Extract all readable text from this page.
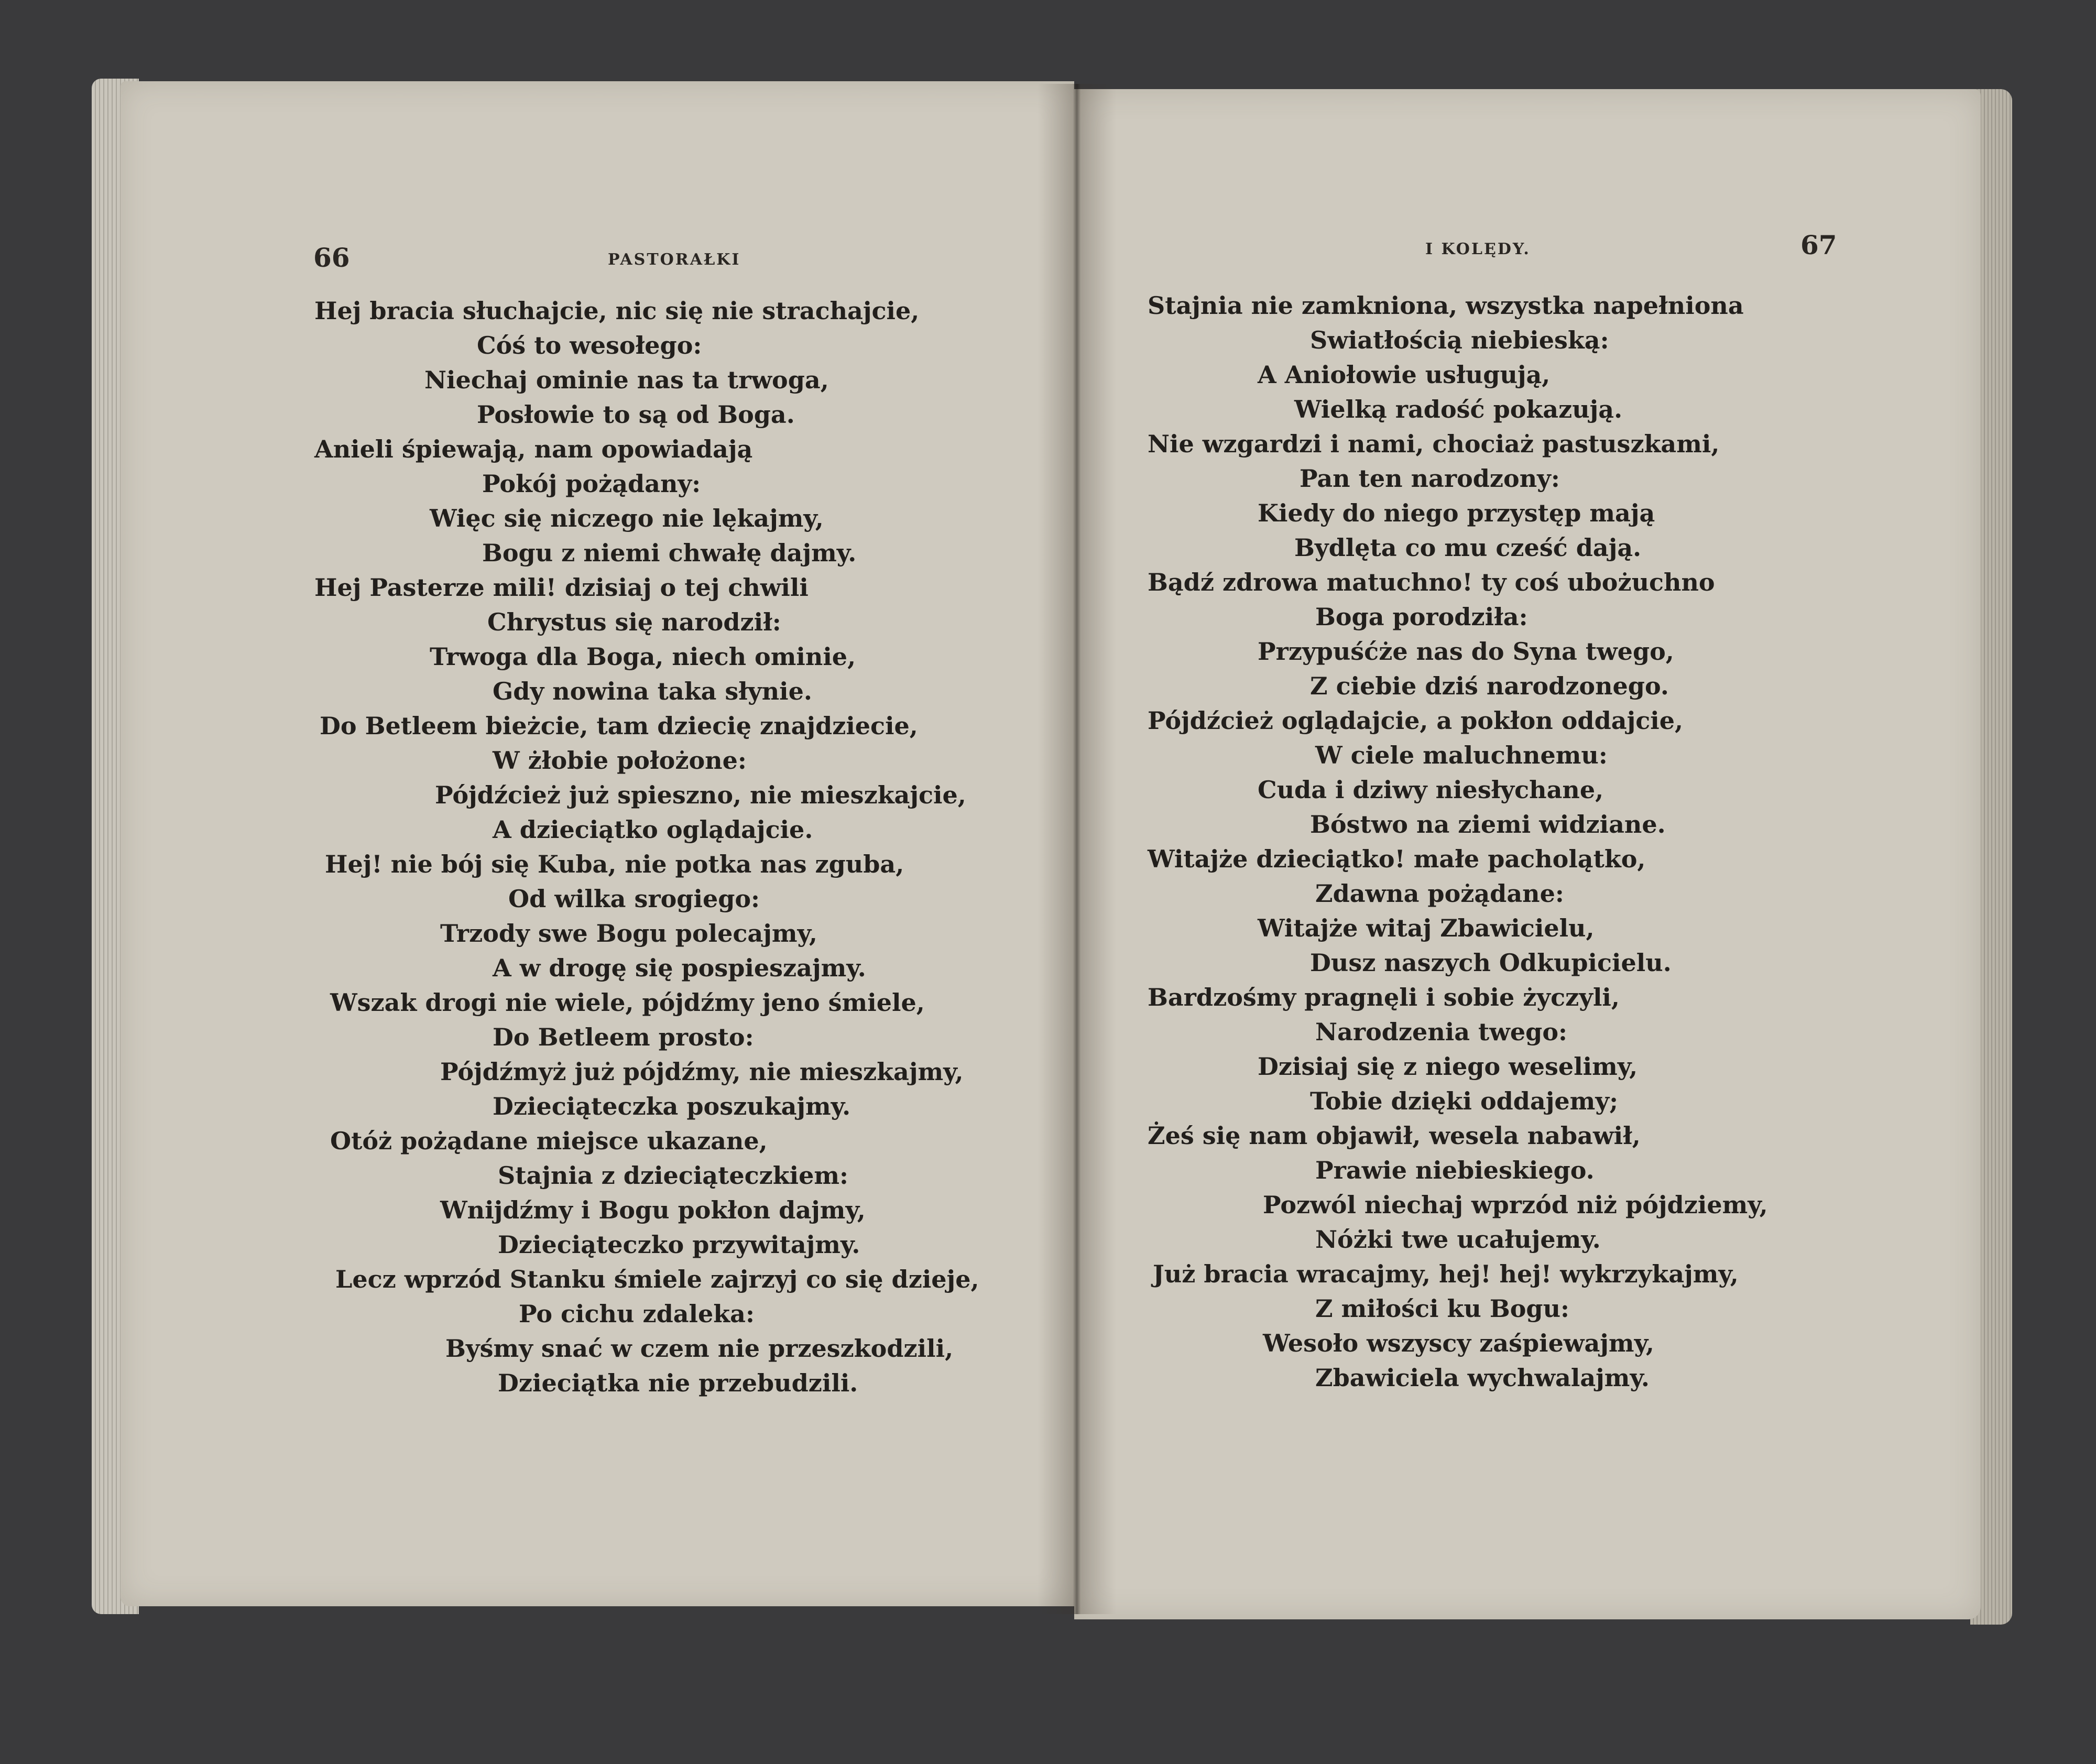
66	PASTORAŁKI
I KOLĘDY.	67
Hej bracia słuchajcie, nic się nie strachajcie,
Cóś to wesołego:
Niechaj ominie nas ta trwoga,
Posłowie to są od Boga.
Anieli śpiewają, nam opowiadają
Pokój pożądany:
Więc się niczego nie lękajmy,
Bogu z niemi chwałę dajmy.
Hej Pasterze mili! dzisiaj o tej chwili
Chrystus się narodził:
Trwoga dla Boga, niech ominie,
Gdy nowina taka słynie.
Do Betleem bieżcie, tam dziecię znajdziecie,
W żłobie położone:
Pójdźcież już spieszno, nie mieszkajcie,
A dzieciątko oglądajcie.
Hej! nie bój się Kuba, nie potka nas zguba,
Od wilka srogiego:
Trzody swe Bogu polecajmy,
A w drogę się pospieszajmy.
Wszak drogi nie wiele, pójdźmy jeno śmiele,
Do Betleem prosto:
Pójdźmyż już pójdźmy, nie mieszkajmy,
Dzieciąteczka poszukajmy.
Otóż pożądane miejsce ukazane,
Stajnia z dzieciąteczkiem:
Wnijdźmy i Bogu pokłon dajmy,
Dzieciąteczko przywitajmy.
Lecz wprzód Stanku śmiele zajrzyj co się dzieje,
Po cichu zdaleka:
Byśmy snać w czem nie przeszkodzili,
Dzieciątka nie przebudzili.
Stajnia nie zamkniona, wszystka napełniona
Swiatłością niebieską:
A Aniołowie usługują,
Wielką radość pokazują.
Nie wzgardzi i nami, chociaż pastuszkami,
Pan ten narodzony:
Kiedy do niego przystęp mają
Bydlęta co mu cześć dają.
Bądź zdrowa matuchno! ty coś ubożuchno
Boga porodziła:
Przypuśćże nas do Syna twego,
Z ciebie dziś narodzonego.
Pójdźcież oglądajcie, a pokłon oddajcie,
W ciele maluchnemu:
Cuda i dziwy niesłychane,
Bóstwo na ziemi widziane.
Witajże dzieciątko! małe pacholątko,
Zdawna pożądane:
Witajże witaj Zbawicielu,
Dusz naszych Odkupicielu.
Bardzośmy pragnęli i sobie życzyli,
Narodzenia twego:
Dzisiaj się z niego weselimy,
Tobie dzięki oddajemy;
Żeś się nam objawił, wesela nabawił,
Prawie niebieskiego.
Pozwól niechaj wprzód niż pójdziemy,
Nóżki twe ucałujemy.
Już bracia wracajmy, hej! hej! wykrzykajmy,
Z miłości ku Bogu:
Wesoło wszyscy zaśpiewajmy,
Zbawiciela wychwalajmy.
